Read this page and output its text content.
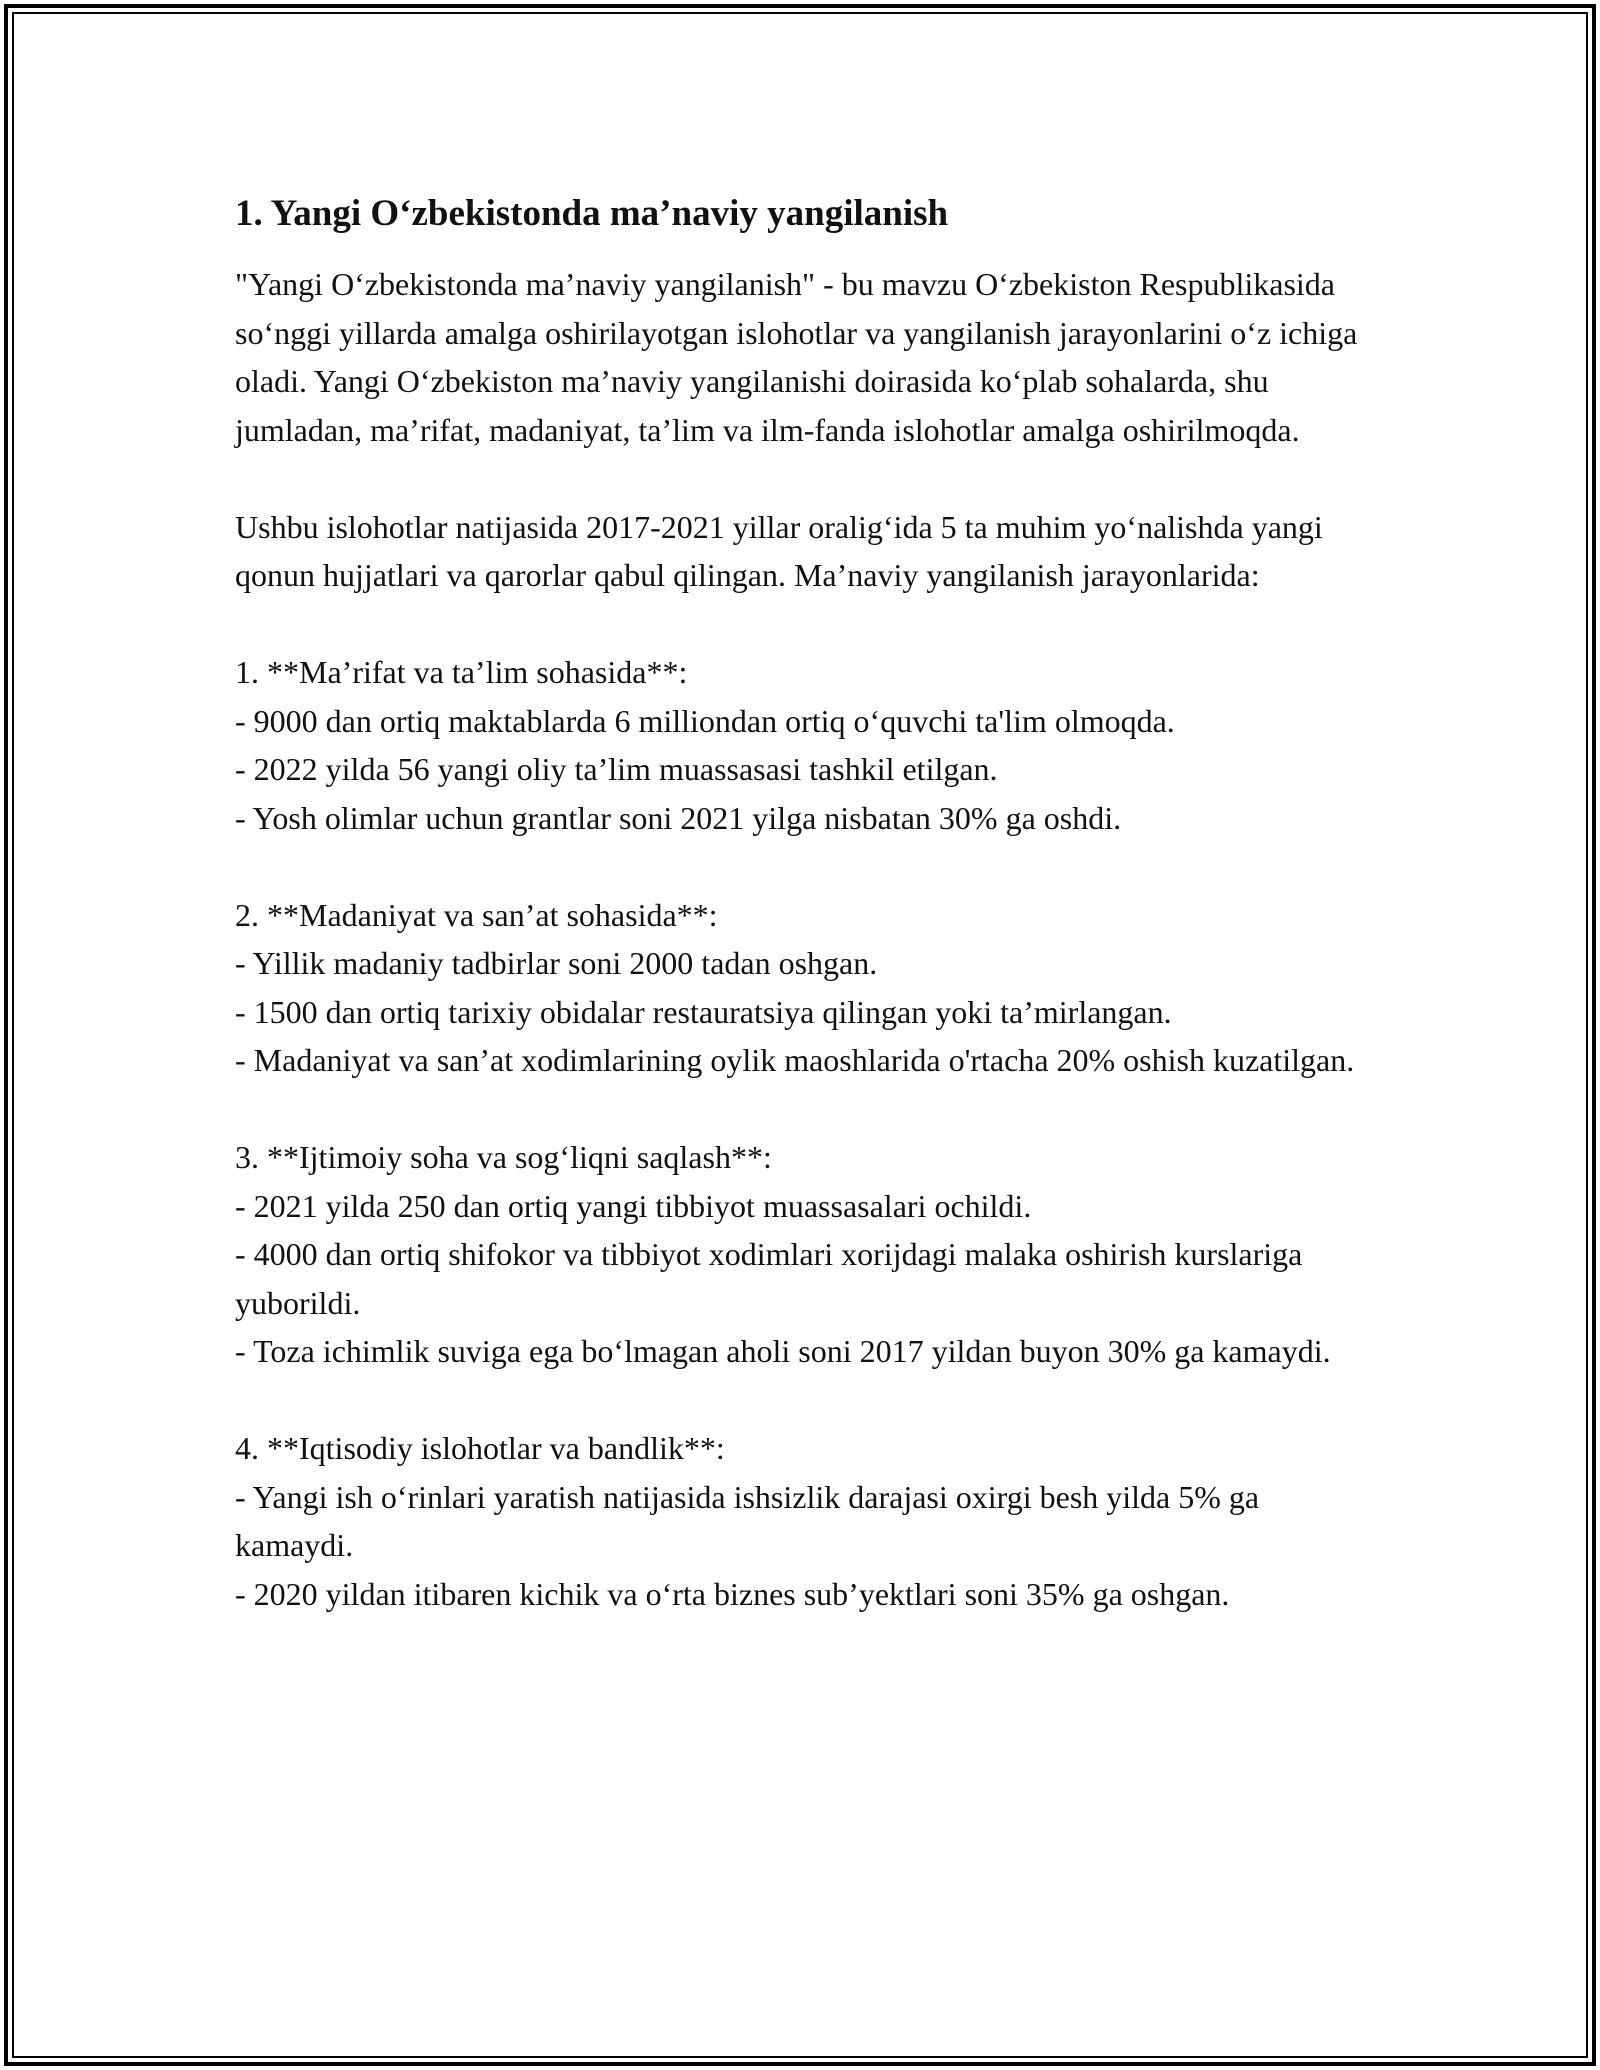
1. Yangi O‘zbekistonda ma’naviy yangilanish

"Yangi O‘zbekistonda ma’naviy yangilanish" - bu mavzu O‘zbekiston Respublikasida so‘nggi yillarda amalga oshirilayotgan islohotlar va yangilanish jarayonlarini o‘z ichiga oladi. Yangi O‘zbekiston ma’naviy yangilanishi doirasida ko‘plab sohalarda, shu jumladan, ma’rifat, madaniyat, ta’lim va ilm-fanda islohotlar amalga oshirilmoqda.

Ushbu islohotlar natijasida 2017-2021 yillar oralig‘ida 5 ta muhim yo‘nalishda yangi qonun hujjatlari va qarorlar qabul qilingan. Ma’naviy yangilanish jarayonlarida:

1. **Ma’rifat va ta’lim sohasida**:

- 9000 dan ortiq maktablarda 6 milliondan ortiq o‘quvchi ta'lim olmoqda.

- 2022 yilda 56 yangi oliy ta’lim muassasasi tashkil etilgan.

- Yosh olimlar uchun grantlar soni 2021 yilga nisbatan 30% ga oshdi.

2. **Madaniyat va san’at sohasida**:

- Yillik madaniy tadbirlar soni 2000 tadan oshgan.

- 1500 dan ortiq tarixiy obidalar restauratsiya qilingan yoki ta’mirlangan.

- Madaniyat va san’at xodimlarining oylik maoshlarida o'rtacha 20% oshish kuzatilgan.

3. **Ijtimoiy soha va sog‘liqni saqlash**:

- 2021 yilda 250 dan ortiq yangi tibbiyot muassasalari ochildi.

- 4000 dan ortiq shifokor va tibbiyot xodimlari xorijdagi malaka oshirish kurslariga yuborildi.

- Toza ichimlik suviga ega bo‘lmagan aholi soni 2017 yildan buyon 30% ga kamaydi.

4. **Iqtisodiy islohotlar va bandlik**:

- Yangi ish o‘rinlari yaratish natijasida ishsizlik darajasi oxirgi besh yilda 5% ga kamaydi.

- 2020 yildan itibaren kichik va o‘rta biznes sub’yektlari soni 35% ga oshgan.
